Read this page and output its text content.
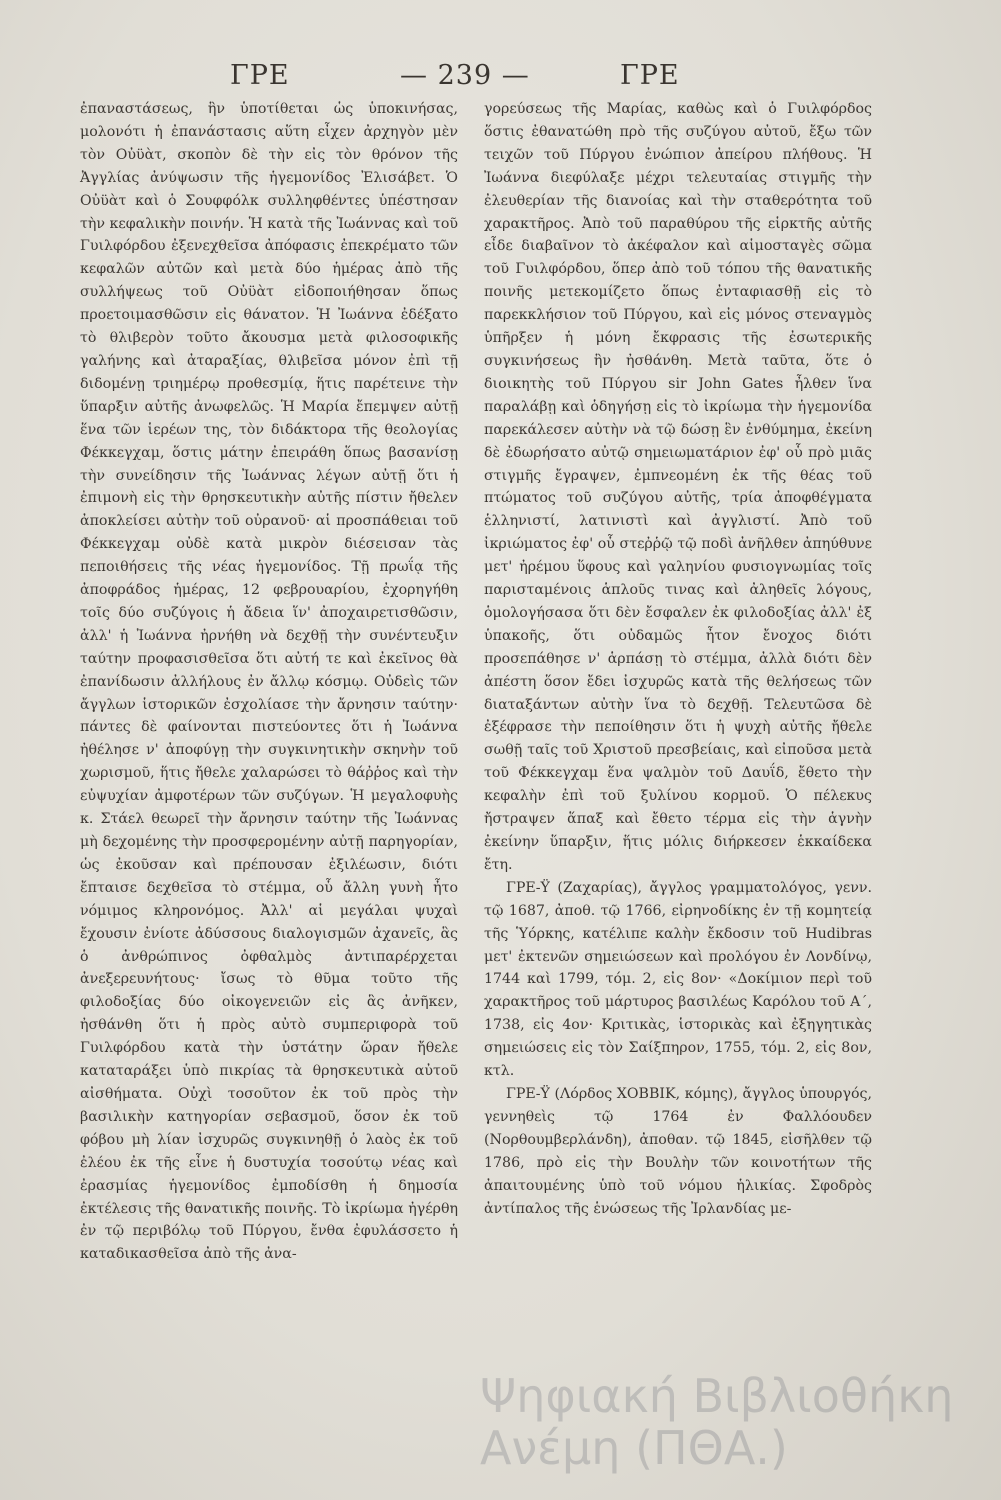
ΓΡΕ	— 239 —	ΓΡΕ

ἐπαναστάσεως, ἣν ὑποτίθεται ὡς ὑποκινήσας, μολονότι ἡ ἐπανάστασις αὕτη εἶχεν ἀρχηγὸν μὲν τὸν Οὐϋὰτ, σκοπὸν δὲ τὴν εἰς τὸν θρόνον τῆς Ἀγγλίας ἀνύψωσιν τῆς ἡγεμονίδος Ἐλισάβετ. Ὁ Οὐϋὰτ καὶ ὁ Σουφφόλκ συλληφθέντες ὑπέστησαν τὴν κεφαλικὴν ποινήν. Ἡ κατὰ τῆς Ἰωάννας καὶ τοῦ Γυιλφόρδου ἐξενεχθεῖσα ἀπόφασις ἐπεκρέματο τῶν κεφαλῶν αὐτῶν καὶ μετὰ δύο ἡμέρας ἀπὸ τῆς συλλήψεως τοῦ Οὐϋὰτ εἰδοποιήθησαν ὅπως προετοιμασθῶσιν εἰς θάνατον. Ἡ Ἰωάννα ἐδέξατο τὸ θλιβερὸν τοῦτο ἄκουσμα μετὰ φιλοσοφικῆς γαλήνης καὶ ἀταραξίας, θλιβεῖσα μόνον ἐπὶ τῇ διδομένῃ τριημέρῳ προθεσμίᾳ, ἥτις παρέτεινε τὴν ὕπαρξιν αὐτῆς ἀνωφελῶς. Ἡ Μαρία ἔπεμψεν αὐτῇ ἕνα τῶν ἱερέων της, τὸν διδάκτορα τῆς θεολογίας Φέκκεγχαμ, ὅστις μάτην ἐπειράθη ὅπως βασανίσῃ τὴν συνείδησιν τῆς Ἰωάννας λέγων αὐτῇ ὅτι ἡ ἐπιμονὴ εἰς τὴν θρησκευτικὴν αὐτῆς πίστιν ἤθελεν ἀποκλείσει αὐτὴν τοῦ οὐρανοῦ· αἱ προσπάθειαι τοῦ Φέκκεγχαμ οὐδὲ κατὰ μικρὸν διέσεισαν τὰς πεποιθήσεις τῆς νέας ἡγεμονίδος. Τῇ πρωΐᾳ τῆς ἀποφράδος ἡμέρας, 12 φεβρουαρίου, ἐχορηγήθη τοῖς δύο συζύγοις ἡ ἄδεια ἵν' ἀποχαιρετισθῶσιν, ἀλλ' ἡ Ἰωάννα ἠρνήθη νὰ δεχθῇ τὴν συνέντευξιν ταύτην προφασισθεῖσα ὅτι αὐτή τε καὶ ἐκεῖνος θὰ ἐπανίδωσιν ἀλλήλους ἐν ἄλλῳ κόσμῳ. Οὐδεὶς τῶν ἄγγλων ἱστορικῶν ἐσχολίασε τὴν ἄρνησιν ταύτην· πάντες δὲ φαίνονται πιστεύοντες ὅτι ἡ Ἰωάννα ἠθέλησε ν' ἀποφύγῃ τὴν συγκινητικὴν σκηνὴν τοῦ χωρισμοῦ, ἥτις ἤθελε χαλαρώσει τὸ θάῤῥος καὶ τὴν εὐψυχίαν ἀμφοτέρων τῶν συζύγων. Ἡ μεγαλοφυὴς κ. Στάελ θεωρεῖ τὴν ἄρνησιν ταύτην τῆς Ἰωάννας μὴ δεχομένης τὴν προσφερομένην αὐτῇ παρηγορίαν, ὡς ἐκοῦσαν καὶ πρέπουσαν ἐξιλέωσιν, διότι ἔπταισε δεχθεῖσα τὸ στέμμα, οὗ ἄλλη γυνὴ ἦτο νόμιμος κληρονόμος. Ἀλλ' αἱ μεγάλαι ψυχαὶ ἔχουσιν ἐνίοτε ἀδύσσους διαλογισμῶν ἀχανεῖς, ἃς ὁ ἀνθρώπινος ὀφθαλμὸς ἀντιπαρέρχεται ἀνεξερευνήτους· ἴσως τὸ θῦμα τοῦτο τῆς φιλοδοξίας δύο οἰκογενειῶν εἰς ἃς ἀνῆκεν, ἠσθάνθη ὅτι ἡ πρὸς αὐτὸ συμπεριφορὰ τοῦ Γυιλφόρδου κατὰ τὴν ὑστάτην ὥραν ἤθελε καταταράξει ὑπὸ πικρίας τὰ θρησκευτικὰ αὐτοῦ αἰσθήματα. Οὐχὶ τοσοῦτον ἐκ τοῦ πρὸς τὴν βασιλικὴν κατηγορίαν σεβασμοῦ, ὅσον ἐκ τοῦ φόβου μὴ λίαν ἰσχυρῶς συγκινηθῇ ὁ λαὸς ἐκ τοῦ ἐλέου ἐκ τῆς εἶνε ἡ δυστυχία τοσούτῳ νέας καὶ ἐρασμίας ἡγεμονίδος ἐμποδίσθη ἡ δημοσία ἐκτέλεσις τῆς θανατικῆς ποινῆς. Τὸ ἰκρίωμα ἠγέρθη ἐν τῷ περιβόλῳ τοῦ Πύργου, ἔνθα ἐφυλάσσετο ἡ καταδικασθεῖσα ἀπὸ τῆς ἀνα-

γορεύσεως τῆς Μαρίας, καθὼς καὶ ὁ Γυιλφόρδος ὅστις ἐθανατώθη πρὸ τῆς συζύγου αὐτοῦ, ἔξω τῶν τειχῶν τοῦ Πύργου ἐνώπιον ἀπείρου πλήθους. Ἡ Ἰωάννα διεφύλαξε μέχρι τελευταίας στιγμῆς τὴν ἐλευθερίαν τῆς διανοίας καὶ τὴν σταθερότητα τοῦ χαρακτῆρος. Ἀπὸ τοῦ παραθύρου τῆς εἱρκτῆς αὐτῆς εἶδε διαβαῖνον τὸ ἀκέφαλον καὶ αἱμοσταγὲς σῶμα τοῦ Γυιλφόρδου, ὅπερ ἀπὸ τοῦ τόπου τῆς θανατικῆς ποινῆς μετεκομίζετο ὅπως ἐνταφιασθῇ εἰς τὸ παρεκκλήσιον τοῦ Πύργου, καὶ εἰς μόνος στεναγμὸς ὑπῆρξεν ἡ μόνη ἔκφρασις τῆς ἐσωτερικῆς συγκινήσεως ἣν ἠσθάνθη. Μετὰ ταῦτα, ὅτε ὁ διοικητὴς τοῦ Πύργου sir John Gates ἦλθεν ἵνα παραλάβῃ καὶ ὁδηγήσῃ εἰς τὸ ἰκρίωμα τὴν ἡγεμονίδα παρεκάλεσεν αὐτὴν νὰ τῷ δώσῃ ἓν ἐνθύμημα, ἐκείνη δὲ ἐδωρήσατο αὐτῷ σημειωματάριον ἐφ' οὗ πρὸ μιᾶς στιγμῆς ἔγραψεν, ἐμπνεομένη ἐκ τῆς θέας τοῦ πτώματος τοῦ συζύγου αὐτῆς, τρία ἀποφθέγματα ἑλληνιστί, λατινιστὶ καὶ ἀγγλιστί. Ἀπὸ τοῦ ἰκριώματος ἐφ' οὗ στεῤῥῷ τῷ ποδὶ ἀνῆλθεν ἀπηύθυνε μετ' ἠρέμου ὕφους καὶ γαληνίου φυσιογνωμίας τοῖς παρισταμένοις ἁπλοῦς τινας καὶ ἀληθεῖς λόγους, ὁμολογήσασα ὅτι δὲν ἔσφαλεν ἐκ φιλοδοξίας ἀλλ' ἐξ ὑπακοῆς, ὅτι οὐδαμῶς ἦτον ἔνοχος διότι προσεπάθησε ν' ἁρπάσῃ τὸ στέμμα, ἀλλὰ διότι δὲν ἀπέστη ὅσον ἔδει ἰσχυρῶς κατὰ τῆς θελήσεως τῶν διαταξάντων αὐτὴν ἵνα τὸ δεχθῇ. Τελευτῶσα δὲ ἐξέφρασε τὴν πεποίθησιν ὅτι ἡ ψυχὴ αὐτῆς ἤθελε σωθῇ ταῖς τοῦ Χριστοῦ πρεσβείαις, καὶ εἰποῦσα μετὰ τοῦ Φέκκεγχαμ ἕνα ψαλμὸν τοῦ Δαυΐδ, ἔθετο τὴν κεφαλὴν ἐπὶ τοῦ ξυλίνου κορμοῦ. Ὁ πέλεκυς ἤστραψεν ἅπαξ καὶ ἔθετο τέρμα εἰς τὴν ἁγνὴν ἐκείνην ὕπαρξιν, ἥτις μόλις διήρκεσεν ἑκκαίδεκα ἔτη.

ΓΡΕ-Ϋ (Ζαχαρίας), ἄγγλος γραμματολόγος, γενν. τῷ 1687, ἀποθ. τῷ 1766, εἰρηνοδίκης ἐν τῇ κομητείᾳ τῆς Ὑόρκης, κατέλιπε καλὴν ἔκδοσιν τοῦ Hudibras μετ' ἐκτενῶν σημειώσεων καὶ προλόγου ἐν Λονδίνῳ, 1744 καὶ 1799, τόμ. 2, εἰς 8ον· «Δοκίμιον περὶ τοῦ χαρακτῆρος τοῦ μάρτυρος βασιλέως Καρόλου τοῦ Α΄, 1738, εἰς 4ον· Κριτικὰς, ἱστορικὰς καὶ ἐξηγητικὰς σημειώσεις εἰς τὸν Σαίξπηρον, 1755, τόμ. 2, εἰς 8ον, κτλ.

ΓΡΕ-Ϋ (Λόρδος ΧΟΒΒΙΚ, κόμης), ἄγγλος ὑπουργός, γεννηθεὶς τῷ 1764 ἐν Φαλλόουδεν (Νορθουμβερλάνδη), ἀποθαν. τῷ 1845, εἰσῆλθεν τῷ 1786, πρὸ εἰς τὴν Βουλὴν τῶν κοινοτήτων τῆς ἀπαιτουμένης ὑπὸ τοῦ νόμου ἡλικίας. Σφοδρὸς ἀντίπαλος τῆς ἑνώσεως τῆς Ἰρλανδίας με-

Ψηφιακή Βιβλιοθήκη
Ανέμη (ΠΘΑ.)
